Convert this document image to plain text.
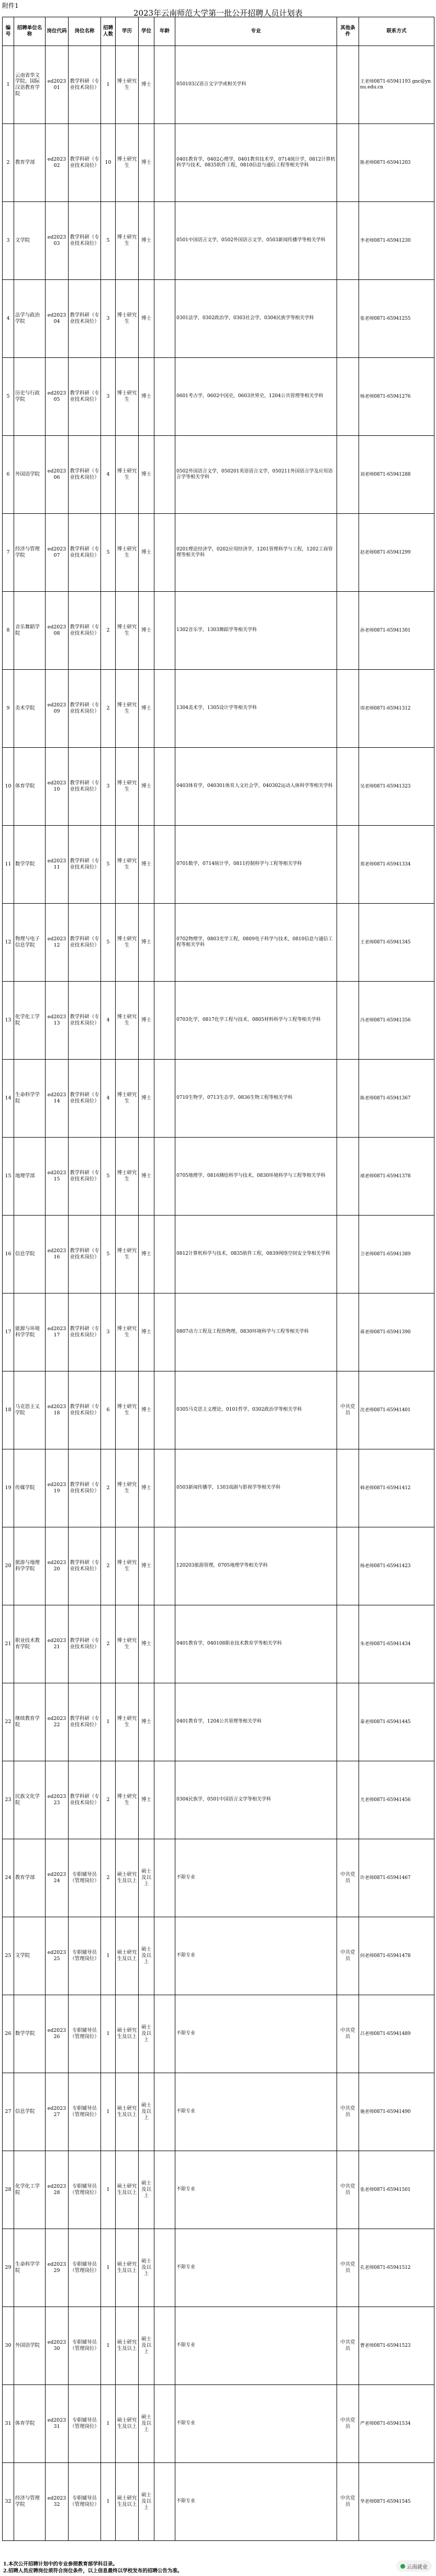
附件1
2023年云南师范大学第一批公开招聘人员计划表
编号	招聘单位名称	岗位代码	岗位名称	招聘人数	学历	学位	年龄	专业	其他条件	联系方式
1	云南省华文学院、国际汉语教育学院	ed202301	教学科研（专业技术岗位）	1	博士研究生	博士		050103汉语言文字学或相关学科		王老师0871-65941193 gnc@ynnu.edu.cn
2	教育学部	ed202302	教学科研（专业技术岗位）	10	博士研究生	博士		0401教育学，0402心理学，0401教育技术学，0714统计学，0812计算机科学与技术，0835软件工程，0810信息与通信工程等相关学科		陈老师0871-65941203
3	文学院	ed202303	教学科研（专业技术岗位）	5	博士研究生	博士		0501中国语言文学，0502外国语言文学，0503新闻传播学等相关学科		李老师0871-65941230
4	法学与政治学院	ed202304	教学科研（专业技术岗位）	3	博士研究生	博士		0301法学，0302政治学，0303社会学，0304民族学等相关学科		张老师0871-65941255
5	历史与行政学院	ed202305	教学科研（专业技术岗位）	3	博士研究生	博士		0601考古学，0602中国史，0603世界史，1204公共管理等相关学科		杨老师0871-65941276
6	外国语学院	ed202306	教学科研（专业技术岗位）	4	博士研究生	博士		0502外国语言文学，050201英语语言文学，050211外国语言学及应用语言学等相关学科		刘老师0871-65941288
7	经济与管理学院	ed202307	教学科研（专业技术岗位）	5	博士研究生	博士		0201理论经济学，0202应用经济学，1201管理科学与工程，1202工商管理等相关学科		赵老师0871-65941299
8	音乐舞蹈学院	ed202308	教学科研（专业技术岗位）	2	博士研究生	博士		1302音乐学，1303舞蹈学等相关学科		孙老师0871-65941301
9	美术学院	ed202309	教学科研（专业技术岗位）	2	博士研究生	博士		1304美术学，1305设计学等相关学科		周老师0871-65941312
10	体育学院	ed202310	教学科研（专业技术岗位）	3	博士研究生	博士		0403体育学，040301体育人文社会学，040302运动人体科学等相关学科		吴老师0871-65941323
11	数学学院	ed202311	教学科研（专业技术岗位）	5	博士研究生	博士		0701数学，0714统计学，0811控制科学与工程等相关学科		郑老师0871-65941334
12	物理与电子信息学院	ed202312	教学科研（专业技术岗位）	5	博士研究生	博士		0702物理学，0803光学工程，0809电子科学与技术，0810信息与通信工程等相关学科		王老师0871-65941345
13	化学化工学院	ed202313	教学科研（专业技术岗位）	4	博士研究生	博士		0703化学，0817化学工程与技术，0805材料科学与工程等相关学科		冯老师0871-65941356
14	生命科学学院	ed202314	教学科研（专业技术岗位）	4	博士研究生	博士		0710生物学，0713生态学，0836生物工程等相关学科		陈老师0871-65941367
15	地理学部	ed202315	教学科研（专业技术岗位）	5	博士研究生	博士		0705地理学，0816测绘科学与技术，0830环境科学与工程等相关学科		褚老师0871-65941378
16	信息学院	ed202316	教学科研（专业技术岗位）	5	博士研究生	博士		0812计算机科学与技术，0835软件工程，0839网络空间安全等相关学科		卫老师0871-65941389
17	能源与环境科学学院	ed202317	教学科研（专业技术岗位）	3	博士研究生	博士		0807动力工程及工程热物理，0830环境科学与工程等相关学科		蒋老师0871-65941390
18	马克思主义学院	ed202318	教学科研（专业技术岗位）	6	博士研究生	博士		0305马克思主义理论，0101哲学，0302政治学等相关学科	中共党员	沈老师0871-65941401
19	传媒学院	ed202319	教学科研（专业技术岗位）	2	博士研究生	博士		0503新闻传播学，1303戏剧与影视学等相关学科		韩老师0871-65941412
20	旅游与地理科学学院	ed202320	教学科研（专业技术岗位）	2	博士研究生	博士		120203旅游管理，0705地理学等相关学科		杨老师0871-65941423
21	职业技术教育学院	ed202321	教学科研（专业技术岗位）	2	博士研究生	博士		0401教育学，040108职业技术教育学等相关学科		朱老师0871-65941434
22	继续教育学院	ed202322	教学科研（专业技术岗位）	1	博士研究生	博士		0401教育学，1204公共管理等相关学科		秦老师0871-65941445
23	民族文化学院	ed202323	教学科研（专业技术岗位）	2	博士研究生	博士		0304民族学，0501中国语言文学等相关学科		尤老师0871-65941456
24	教育学部	ed202324	专职辅导员（管理岗位）	2	硕士研究生及以上	硕士及以上		不限专业	中共党员	许老师0871-65941467
25	文学院	ed202325	专职辅导员（管理岗位）	1	硕士研究生及以上	硕士及以上		不限专业	中共党员	何老师0871-65941478
26	数学学院	ed202326	专职辅导员（管理岗位）	1	硕士研究生及以上	硕士及以上		不限专业	中共党员	吕老师0871-65941489
27	信息学院	ed202327	专职辅导员（管理岗位）	1	硕士研究生及以上	硕士及以上		不限专业	中共党员	施老师0871-65941490
28	化学化工学院	ed202328	专职辅导员（管理岗位）	1	硕士研究生及以上	硕士及以上		不限专业	中共党员	张老师0871-65941501
29	生命科学学院	ed202329	专职辅导员（管理岗位）	1	硕士研究生及以上	硕士及以上		不限专业	中共党员	孔老师0871-65941512
30	外国语学院	ed202330	专职辅导员（管理岗位）	1	硕士研究生及以上	硕士及以上		不限专业	中共党员	曹老师0871-65941523
31	体育学院	ed202331	专职辅导员（管理岗位）	1	硕士研究生及以上	硕士及以上		不限专业	中共党员	严老师0871-65941534
32	经济与管理学院	ed202332	专职辅导员（管理岗位）	1	硕士研究生及以上	硕士及以上		不限专业	中共党员	华老师0871-65941545
1.本次公开招聘计划中的专业参照教育部学科目录。
2.招聘人员应聘岗位须符合岗位条件，以上信息最终以学校发布的招聘公告为准。
云南就业
